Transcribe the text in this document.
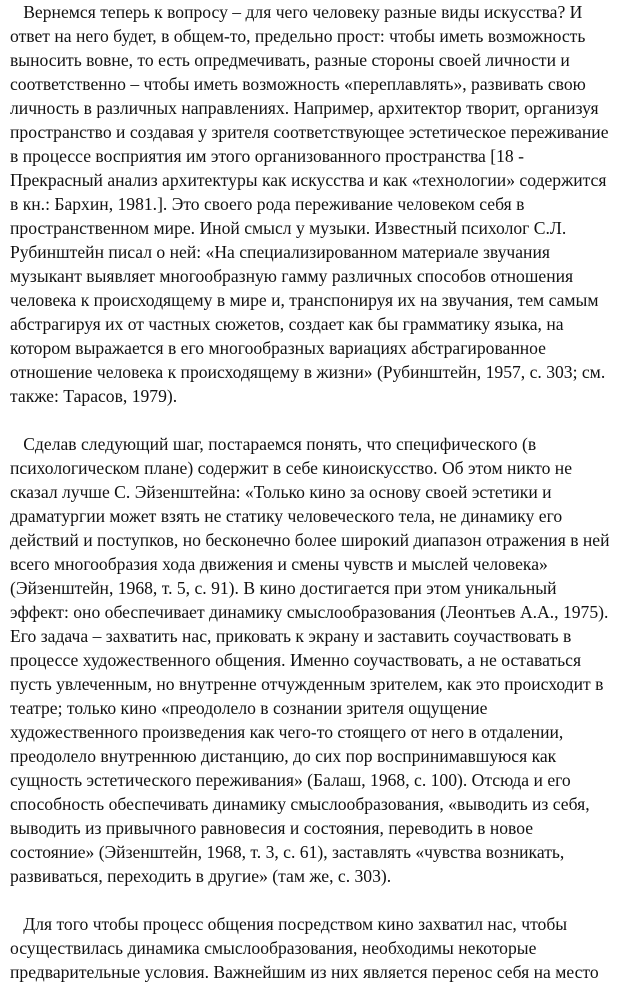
Вернемся теперь к вопросу – для чего человеку разные виды искусства? И
ответ на него будет, в общем-то, предельно прост: чтобы иметь возможность
выносить вовне, то есть опредмечивать, разные стороны своей личности и
соответственно – чтобы иметь возможность «переплавлять», развивать свою
личность в различных направлениях. Например, архитектор творит, организуя
пространство и создавая у зрителя соответствующее эстетическое переживание
в процессе восприятия им этого организованного пространства [18 -
Прекрасный анализ архитектуры как искусства и как «технологии» содержится
в кн.: Бархин, 1981.]. Это своего рода переживание человеком себя в
пространственном мире. Иной смысл у музыки. Известный психолог С.Л.
Рубинштейн писал о ней: «На специализированном материале звучания
музыкант выявляет многообразную гамму различных способов отношения
человека к происходящему в мире и, транспонируя их на звучания, тем самым
абстрагируя их от частных сюжетов, создает как бы грамматику языка, на
котором выражается в его многообразных вариациях абстрагированное
отношение человека к происходящему в жизни» (Рубинштейн, 1957, с. 303; см.
также: Тарасов, 1979).
Сделав следующий шаг, постараемся понять, что специфического (в
психологическом плане) содержит в себе киноискусство. Об этом никто не
сказал лучше С. Эйзенштейна: «Только кино за основу своей эстетики и
драматургии может взять не статику человеческого тела, не динамику его
действий и поступков, но бесконечно более широкий диапазон отражения в ней
всего многообразия хода движения и смены чувств и мыслей человека»
(Эйзенштейн, 1968, т. 5, с. 91). В кино достигается при этом уникальный
эффект: оно обеспечивает динамику смыслообразования (Леонтьев А.А., 1975).
Его задача – захватить нас, приковать к экрану и заставить соучаствовать в
процессе художественного общения. Именно соучаствовать, а не оставаться
пусть увлеченным, но внутренне отчужденным зрителем, как это происходит в
театре; только кино «преодолело в сознании зрителя ощущение
художественного произведения как чего-то стоящего от него в отдалении,
преодолело внутреннюю дистанцию, до сих пор воспринимавшуюся как
сущность эстетического переживания» (Балаш, 1968, с. 100). Отсюда и его
способность обеспечивать динамику смыслообразования, «выводить из себя,
выводить из привычного равновесия и состояния, переводить в новое
состояние» (Эйзенштейн, 1968, т. 3, с. 61), заставлять «чувства возникать,
развиваться, переходить в другие» (там же, с. 303).
Для того чтобы процесс общения посредством кино захватил нас, чтобы
осуществилась динамика смыслообразования, необходимы некоторые
предварительные условия. Важнейшим из них является перенос себя на место
